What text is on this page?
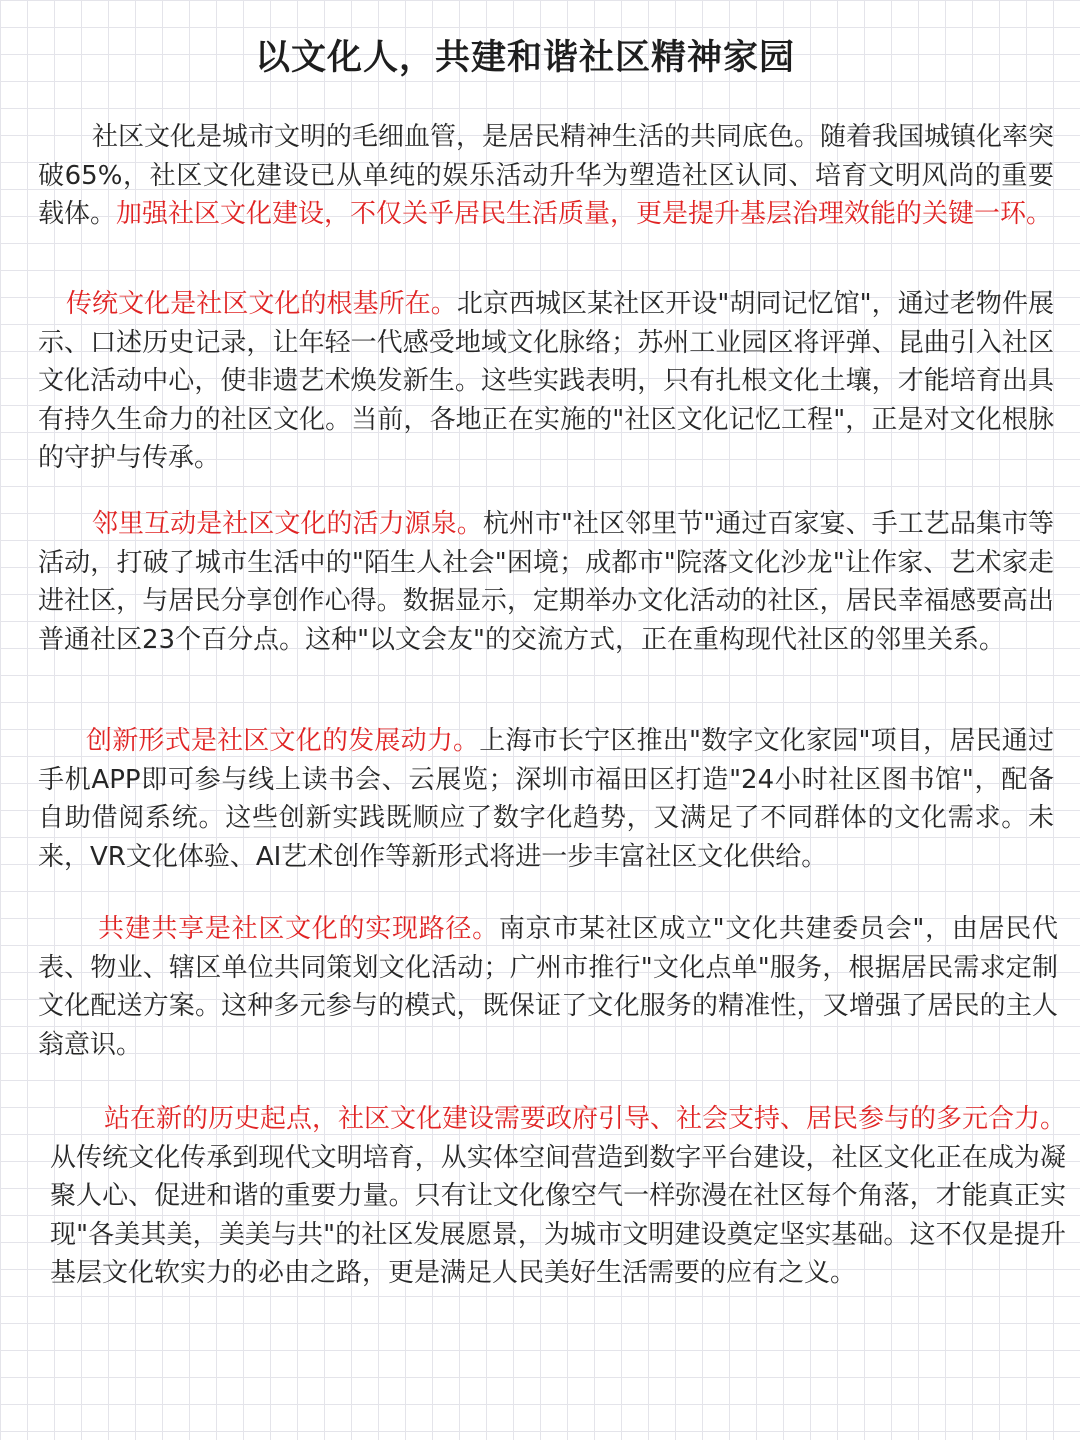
以文化人，共建和谐社区精神家园

社区文化是城市文明的毛细血管，是居民精神生活的共同底色。随着我国城镇化率突破65%，社区文化建设已从单纯的娱乐活动升华为塑造社区认同、培育文明风尚的重要载体。加强社区文化建设，不仅关乎居民生活质量，更是提升基层治理效能的关键一环。

传统文化是社区文化的根基所在。北京西城区某社区开设"胡同记忆馆"，通过老物件展示、口述历史记录，让年轻一代感受地域文化脉络；苏州工业园区将评弹、昆曲引入社区文化活动中心，使非遗艺术焕发新生。这些实践表明，只有扎根文化土壤，才能培育出具有持久生命力的社区文化。当前，各地正在实施的"社区文化记忆工程"，正是对文化根脉的守护与传承。

邻里互动是社区文化的活力源泉。杭州市"社区邻里节"通过百家宴、手工艺品集市等活动，打破了城市生活中的"陌生人社会"困境；成都市"院落文化沙龙"让作家、艺术家走进社区，与居民分享创作心得。数据显示，定期举办文化活动的社区，居民幸福感要高出普通社区23个百分点。这种"以文会友"的交流方式，正在重构现代社区的邻里关系。

创新形式是社区文化的发展动力。上海市长宁区推出"数字文化家园"项目，居民通过手机APP即可参与线上读书会、云展览；深圳市福田区打造"24小时社区图书馆"，配备自助借阅系统。这些创新实践既顺应了数字化趋势，又满足了不同群体的文化需求。未来，VR文化体验、AI艺术创作等新形式将进一步丰富社区文化供给。

共建共享是社区文化的实现路径。南京市某社区成立"文化共建委员会"，由居民代表、物业、辖区单位共同策划文化活动；广州市推行"文化点单"服务，根据居民需求定制文化配送方案。这种多元参与的模式，既保证了文化服务的精准性，又增强了居民的主人翁意识。

站在新的历史起点，社区文化建设需要政府引导、社会支持、居民参与的多元合力。从传统文化传承到现代文明培育，从实体空间营造到数字平台建设，社区文化正在成为凝聚人心、促进和谐的重要力量。只有让文化像空气一样弥漫在社区每个角落，才能真正实现"各美其美，美美与共"的社区发展愿景，为城市文明建设奠定坚实基础。这不仅是提升基层文化软实力的必由之路，更是满足人民美好生活需要的应有之义。
